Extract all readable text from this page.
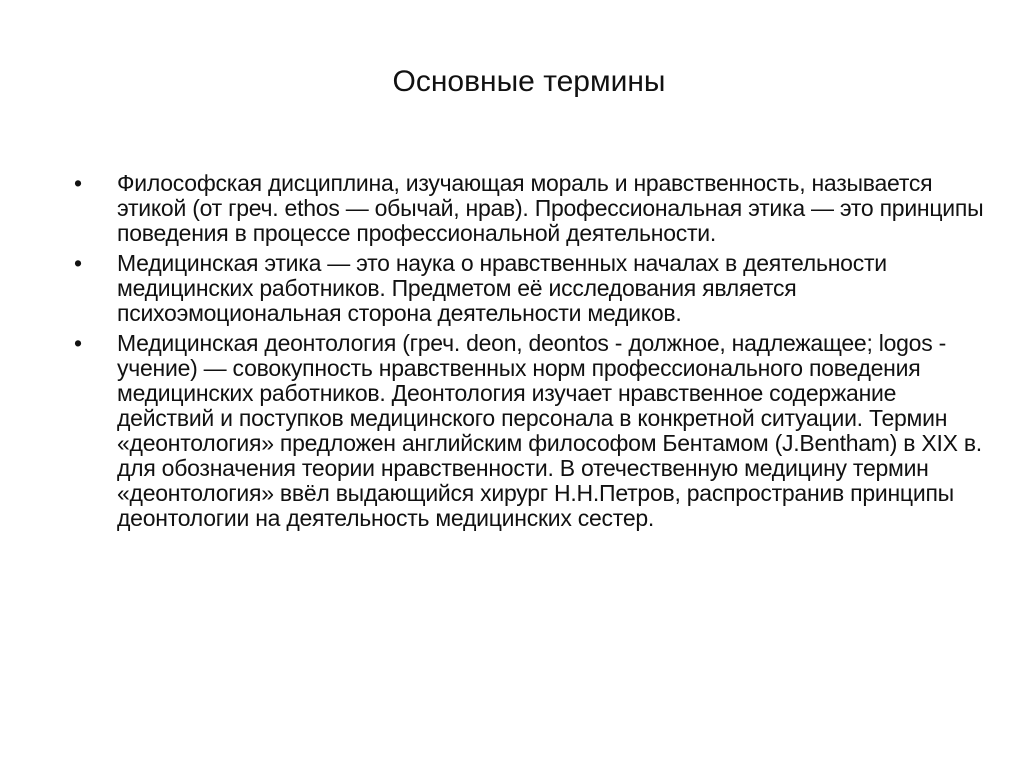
Основные термины
•	Философская дисциплина, изучающая мораль и нравственность, называется этикой (от греч. ethos — обычай, нрав). Профессиональная этика — это принципы поведения в процессе профессиональной деятельности.
•	Медицинская этика — это наука о нравственных началах в деятельности медицинских работников. Предметом её исследования является психоэмоциональная сторона деятельности медиков.
•	Медицинская деонтология (греч. deon, deontos - должное, надлежащее; logos - учение) — совокупность нравственных норм профессионального поведения медицинских работников. Деонтология изучает нравственное содержание действий и поступков медицинского персонала в конкретной ситуации. Термин «деонтология» предложен английским философом Бентамом (J.Bentham) в XIX в. для обозначения теории нравственности. В отечественную медицину термин «деонтология» ввёл выдающийся хирург Н.Н.Петров, распространив принципы деонтологии на деятельность медицинских сестер.
